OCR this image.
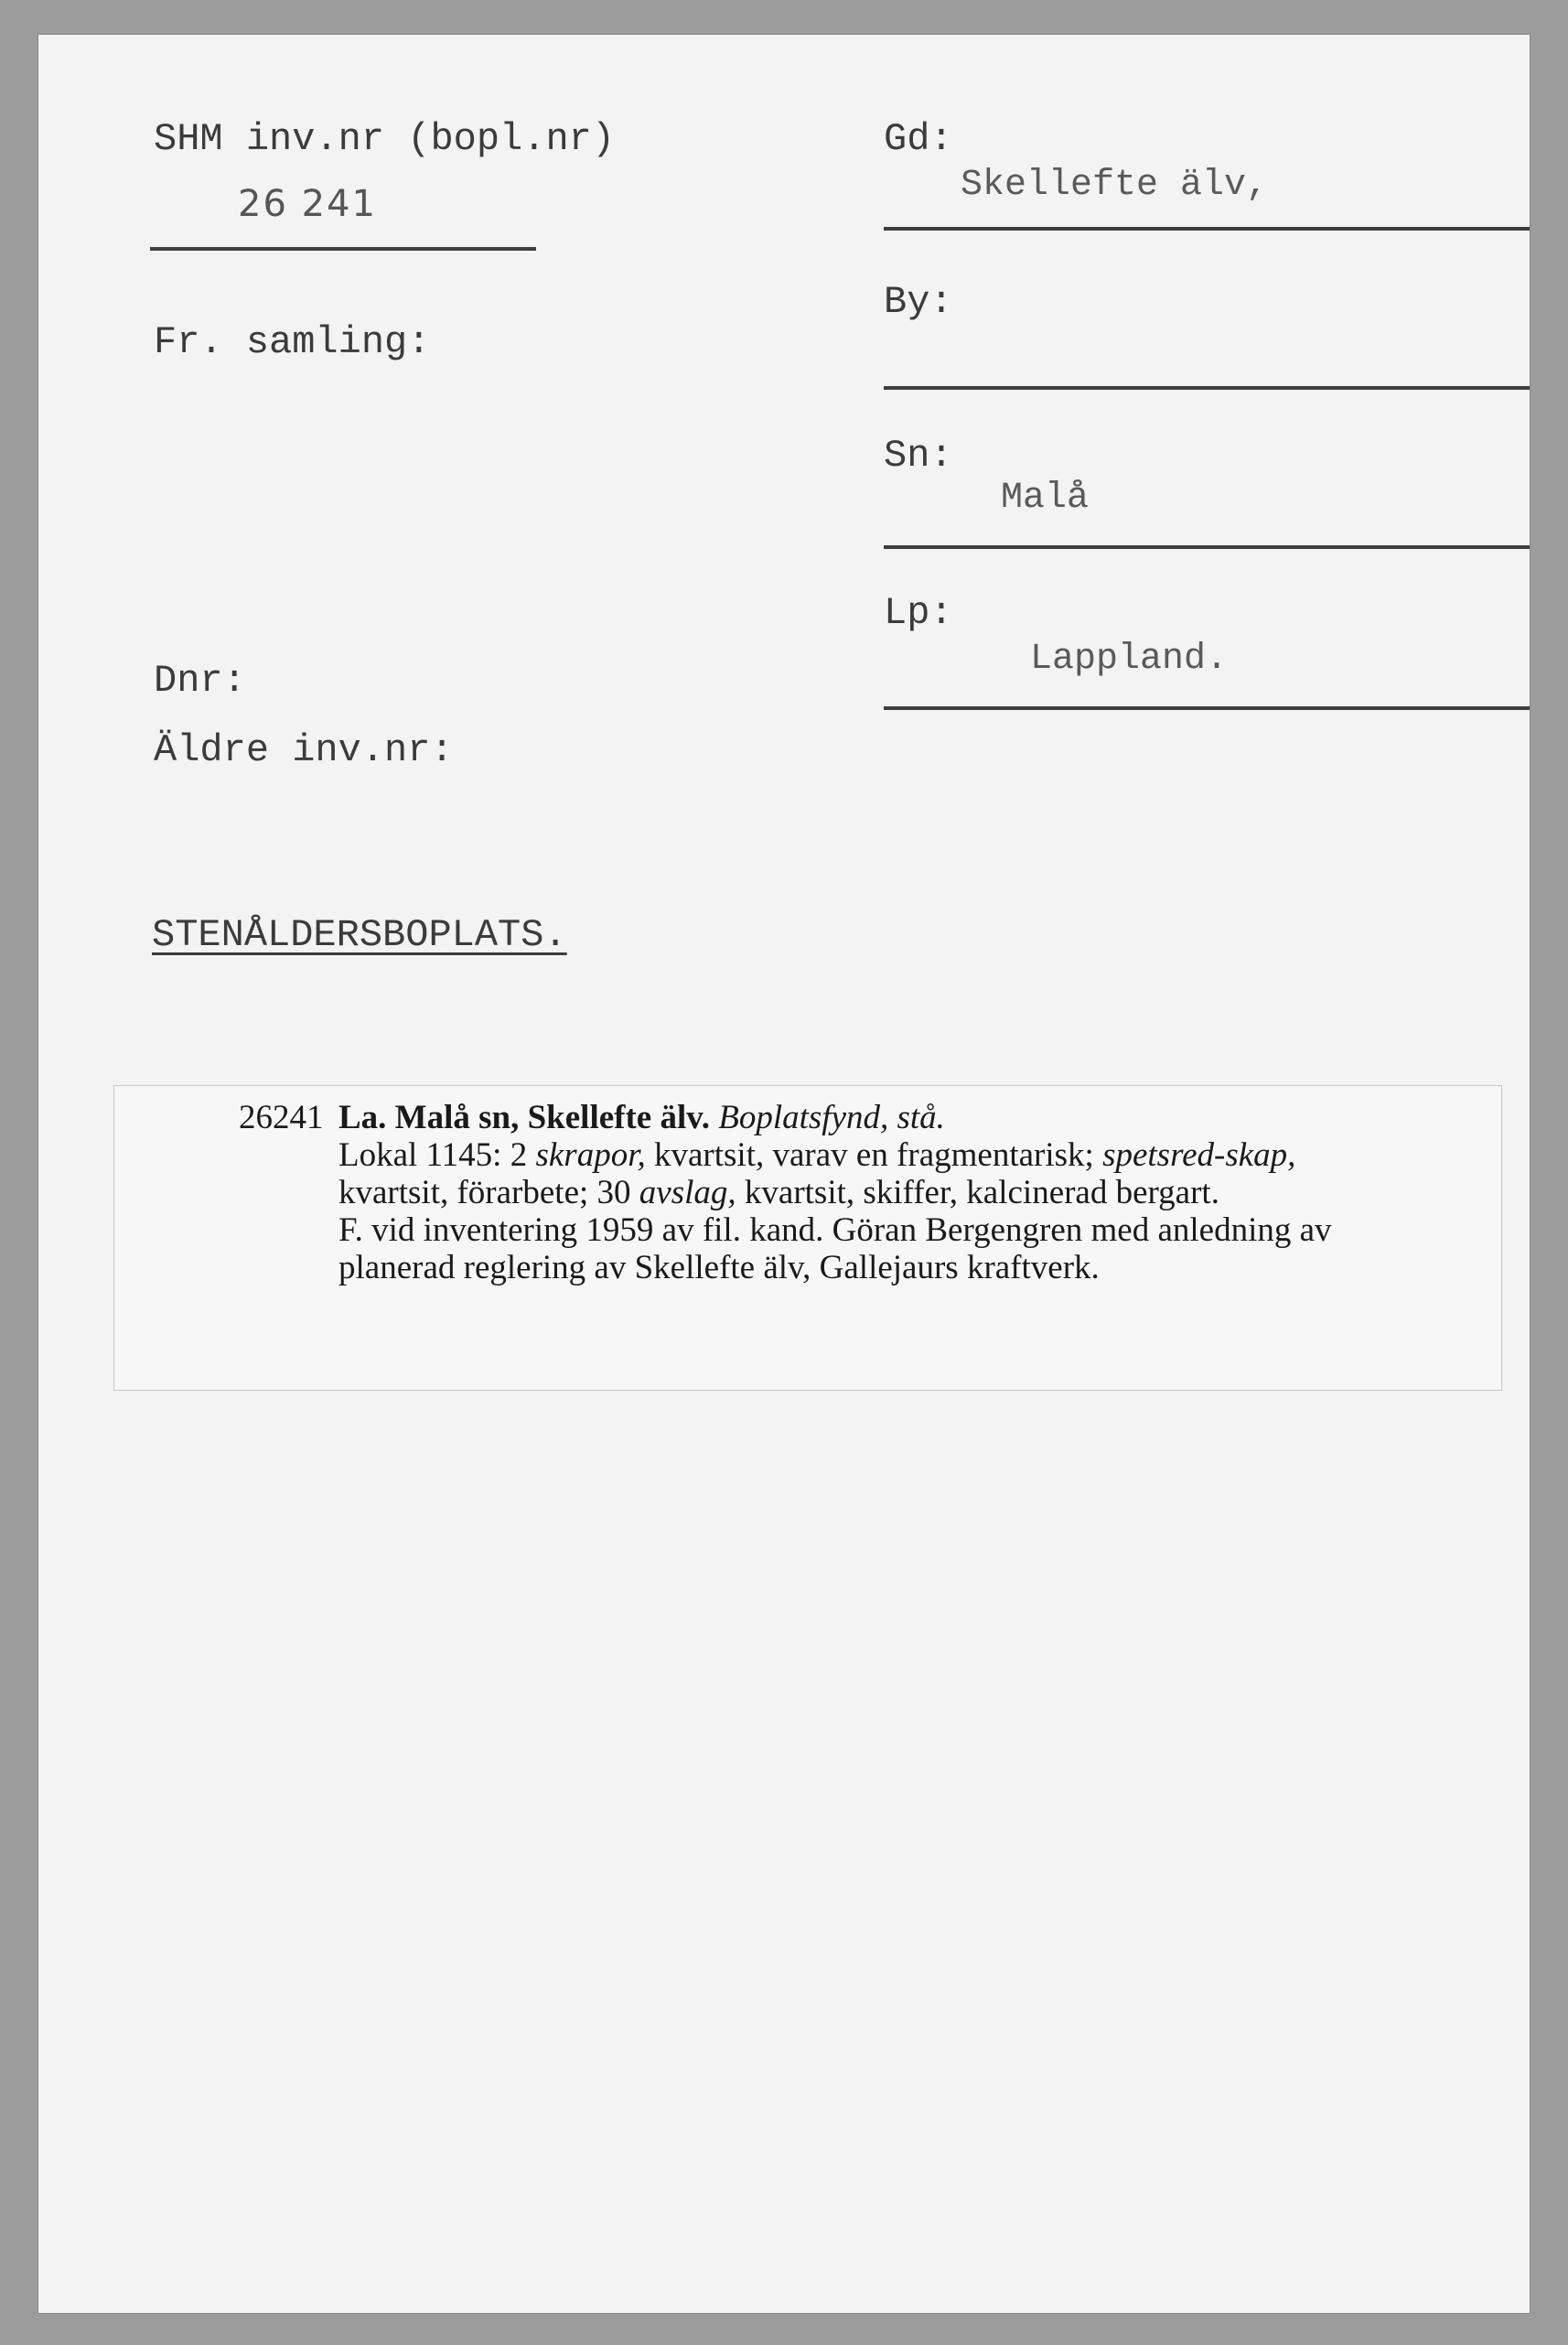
SHM inv.nr (bopl.nr)
26 241
Fr. samling:
Dnr:
Äldre inv.nr:
STENÅLDERSBOPLATS.
Gd:
Skellefte älv,
By:
Sn:
Malå
Lp:
Lappland.
26241 La. Malå sn, Skellefte älv. Boplatsfynd, stå.

Lokal 1145: 2 skrapor, kvartsit, varav en fragmentarisk; spetsred-skap, kvartsit, förarbete; 30 avslag, kvartsit, skiffer, kalcinerad bergart.

F. vid inventering 1959 av fil. kand. Göran Bergengren med anledning av planerad reglering av Skellefte älv, Gallejaurs kraftverk.
